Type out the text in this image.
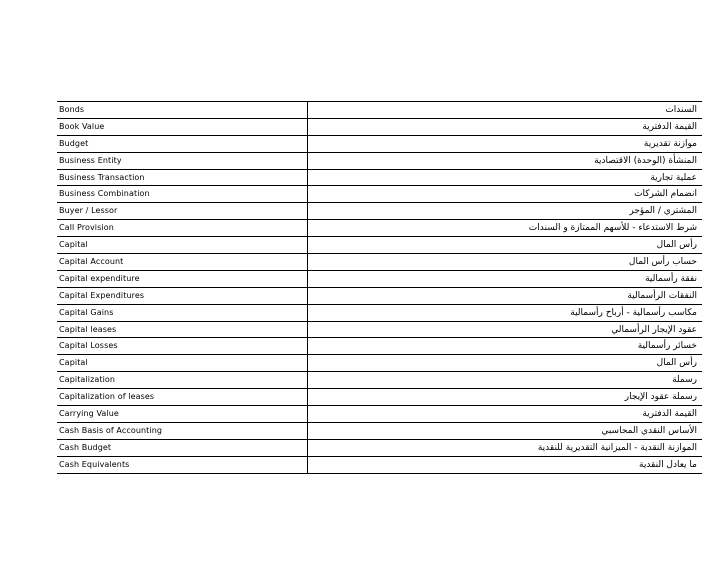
Bonds	السندات
Book Value	القيمة الدفترية
Budget	موازنة تقديرية
Business Entity	المنشأة (الوحدة) الاقتصادية
Business Transaction	عملية تجارية
Business Combination	انضمام الشركات
Buyer / Lessor	المشتري / المؤجر
Call Provision	شرط الاستدعاء - للأسهم الممتازة و السندات
Capital	رأس المال
Capital Account	حساب رأس المال
Capital expenditure	نفقة رأسمالية
Capital Expenditures	النفقات الرأسمالية
Capital Gains	مكاسب رأسمالية - أرباح رأسمالية
Capital leases	عقود الإيجار الرأسمالي
Capital Losses	خسائر رأسمالية
Capital	رأس المال
Capitalization	رسملة
Capitalization of leases	رسملة عقود الإيجار
Carrying Value	القيمة الدفترية
Cash Basis of Accounting	الأساس النقدي المحاسبي
Cash Budget	الموازنة النقدية - الميزانية التقديرية للنقدية
Cash Equivalents	ما يعادل النقدية
